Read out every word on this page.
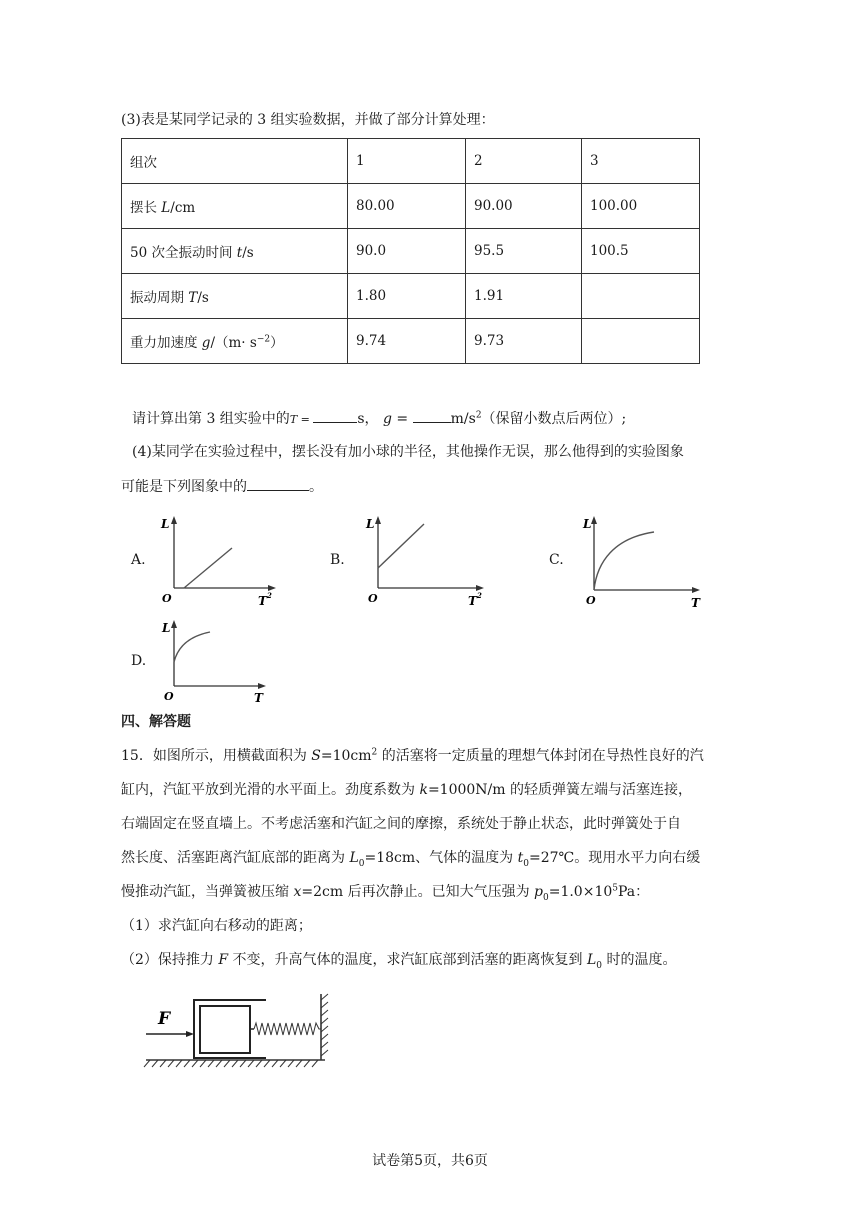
(3)表是某同学记录的 3 组实验数据，并做了部分计算处理：
组次	1	2	3
摆长 L/cm	80.00	90.00	100.00
50 次全振动时间 t/s	90.0	95.5	100.5
振动周期 T/s	1.80	1.91	
重力加速度 $g/(m\cdot s^{-2})$	9.74	9.73	
请计算出第 3 组实验中的T =	s， g =	$m/s^2$（保留小数点后两位）;
(4)某同学在实验过程中，摆长没有加小球的半径，其他操作无误，那么他得到的实验图象
可能是下列图象中的	。
A.
L
O	T 2
B.
L
O	T 2
C.
L
O	T
D.
L
O	T
四、解答题
15．如图所示，用横截面积为 $S=10cm^2$ 的活塞将一定质量的理想气体封闭在导热性良好的汽
缸内，汽缸平放到光滑的水平面上。劲度系数为 k=1000N/m 的轻质弹簧左端与活塞连接，
右端固定在竖直墙上。不考虑活塞和汽缸之间的摩擦，系统处于静止状态，此时弹簧处于自
然长度、活塞距离汽缸底部的距离为 $L_0=18cm$、气体的温度为 $t_0=27℃$。现用水平力向右缓
慢推动汽缸，当弹簧被压缩 x=2cm 后再次静止。已知大气压强为 $p_0=1.0\times 10^5Pa$：
（1）求汽缸向右移动的距离；
（2）保持推力 F 不变，升高气体的温度，求汽缸底部到活塞的距离恢复到 $L_0$ 时的温度。
F
试卷第5页，共6页
